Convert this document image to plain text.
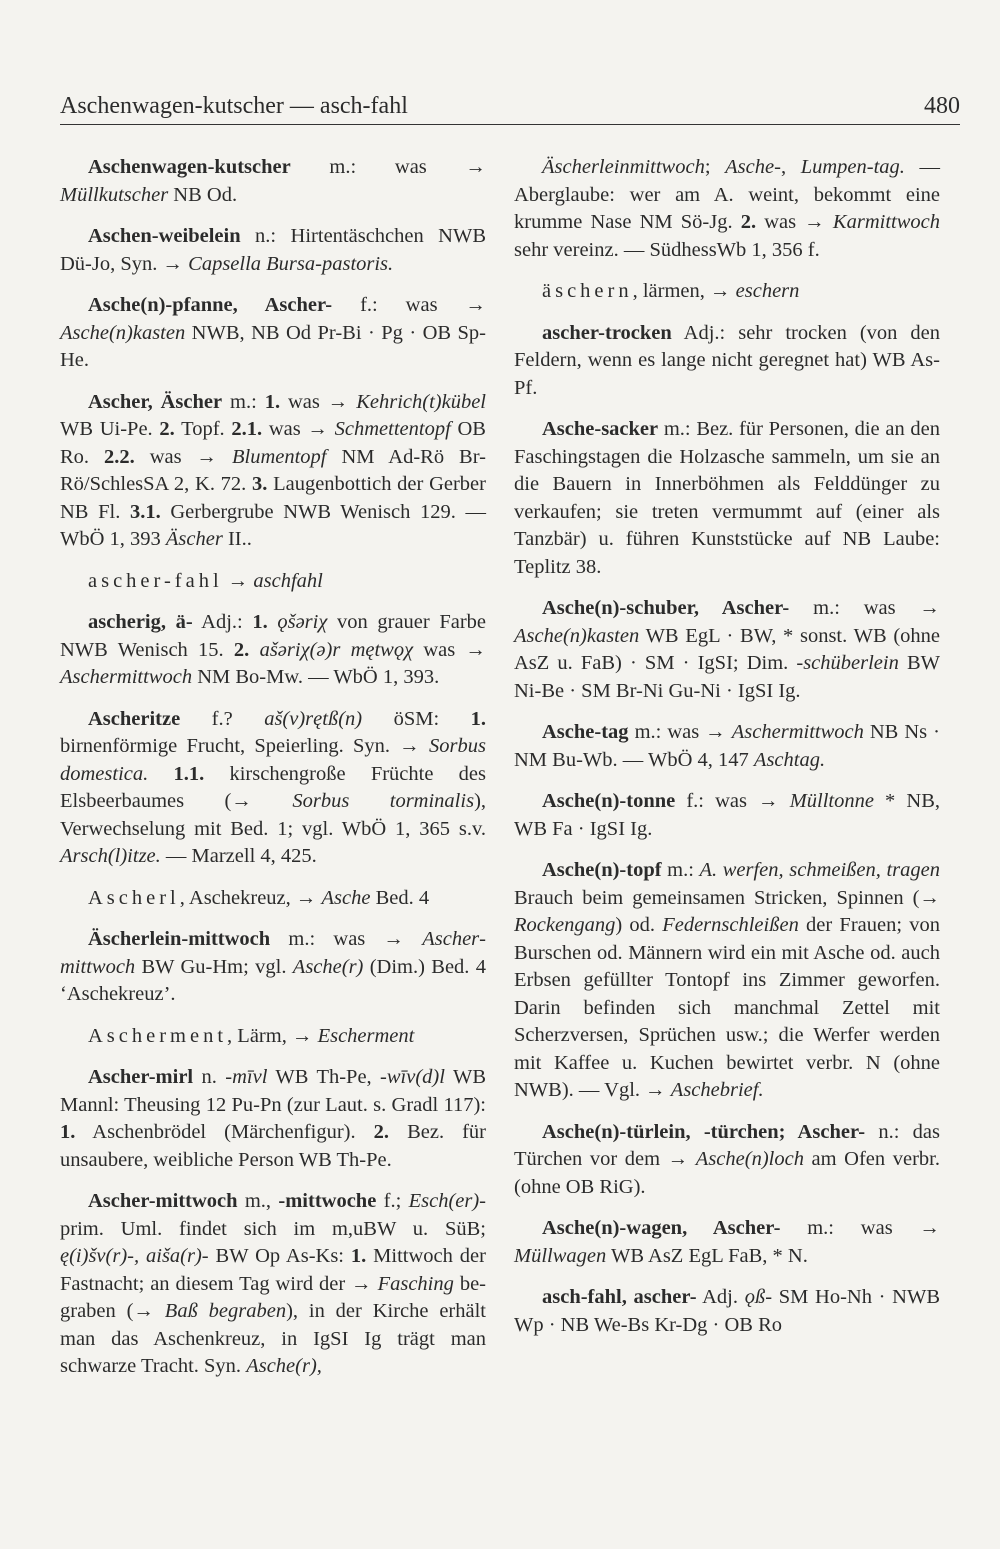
Aschenwagen-kutscher — asch-fahl	480

Aschenwagen-kutscher m.: was → Müllkutscher NB Od.

Aschen-weibelein n.: Hirtentäschchen NWB Dü-Jo, Syn. → Capsella Bursa-pastoris.

Asche(n)-pfanne, Ascher- f.: was → Asche(n)kasten NWB, NB Od Pr-Bi · Pg · OB Sp-He.

Ascher, Äscher m.: 1. was → Kehrich(t)kübel WB Ui-Pe. 2. Topf. 2.1. was → Schmettentopf OB Ro. 2.2. was → Blumentopf NM Ad-Rö Br-Rö/SchlesSA 2, K. 72. 3. Laugenbottich der Gerber NB Fl. 3.1. Gerbergrube NWB Wenisch 129. — WbÖ 1, 393 Äscher II..

ascher-fahl → aschfahl

ascherig, ä- Adj.: 1. ǫšəriχ von grauer Farbe NWB Wenisch 15. 2. ašəriχ(ə)r mętwǫχ was → Aschermittwoch NM Bo-Mw. — WbÖ 1, 393.

Ascheritze f.? aš(v)rętß(n) öSM: 1. birnenförmige Frucht, Speierling. Syn. → Sorbus domestica. 1.1. kirschengroße Früchte des Elsbeerbaumes (→ Sorbus torminalis), Verwechselung mit Bed. 1; vgl. WbÖ 1, 365 s.v. Arsch(l)itze. — Marzell 4, 425.

Ascherl, Aschekreuz, → Asche Bed. 4

Äscherlein-mittwoch m.: was → Aschermittwoch BW Gu-Hm; vgl. Asche(r) (Dim.) Bed. 4 ‘Aschekreuz’.

Ascherment, Lärm, → Escherment

Ascher-mirl n. -mīvl WB Th-Pe, -wīv(d)l WB Mannl: Theusing 12 Pu-Pn (zur Laut. s. Gradl 117): 1. Aschenbrödel (Märchenfigur). 2. Bez. für unsaubere, weibliche Person WB Th-Pe.

Ascher-mittwoch m., -mittwoche f.; Esch(er)- prim. Uml. findet sich im m,uBW u. SüB; ę(i)šv(r)-, aiša(r)- BW Op As-Ks: 1. Mittwoch der Fastnacht; an diesem Tag wird der → Fasching begraben (→ Baß begraben), in der Kirche erhält man das Aschenkreuz, in IgSI Ig trägt man schwarze Tracht. Syn. Asche(r),

Äscherleinmittwoch; Asche-, Lumpen-tag. — Aberglaube: wer am A. weint, bekommt eine krumme Nase NM Sö-Jg. 2. was → Karmittwoch sehr vereinz. — SüdhessWb 1, 356 f.

äschern, lärmen, → eschern

ascher-trocken Adj.: sehr trocken (von den Feldern, wenn es lange nicht geregnet hat) WB As-Pf.

Asche-sacker m.: Bez. für Personen, die an den Faschingstagen die Holzasche sammeln, um sie an die Bauern in Innerböhmen als Felddünger zu verkaufen; sie treten vermummt auf (einer als Tanzbär) u. führen Kunststücke auf NB Laube: Teplitz 38.

Asche(n)-schuber, Ascher- m.: was → Asche(n)kasten WB EgL · BW, * sonst. WB (ohne AsZ u. FaB) · SM · IgSI; Dim. -schüberlein BW Ni-Be · SM Br-Ni Gu-Ni · IgSI Ig.

Asche-tag m.: was → Aschermittwoch NB Ns · NM Bu-Wb. — WbÖ 4, 147 Aschtag.

Asche(n)-tonne f.: was → Mülltonne * NB, WB Fa · IgSI Ig.

Asche(n)-topf m.: A. werfen, schmeißen, tragen Brauch beim gemeinsamen Stricken, Spinnen (→ Rockengang) od. Federnschleißen der Frauen; von Burschen od. Männern wird ein mit Asche od. auch Erbsen gefüllter Tontopf ins Zimmer geworfen. Darin befinden sich manchmal Zettel mit Scherzversen, Sprüchen usw.; die Werfer werden mit Kaffee u. Kuchen bewirtet verbr. N (ohne NWB). — Vgl. → Aschebrief.

Asche(n)-türlein, -türchen; Ascher- n.: das Türchen vor dem → Asche(n)loch am Ofen verbr. (ohne OB RiG).

Asche(n)-wagen, Ascher- m.: was → Müllwagen WB AsZ EgL FaB, * N.

asch-fahl, ascher- Adj. ǫß- SM Ho-Nh · NWB Wp · NB We-Bs Kr-Dg · OB Ro
